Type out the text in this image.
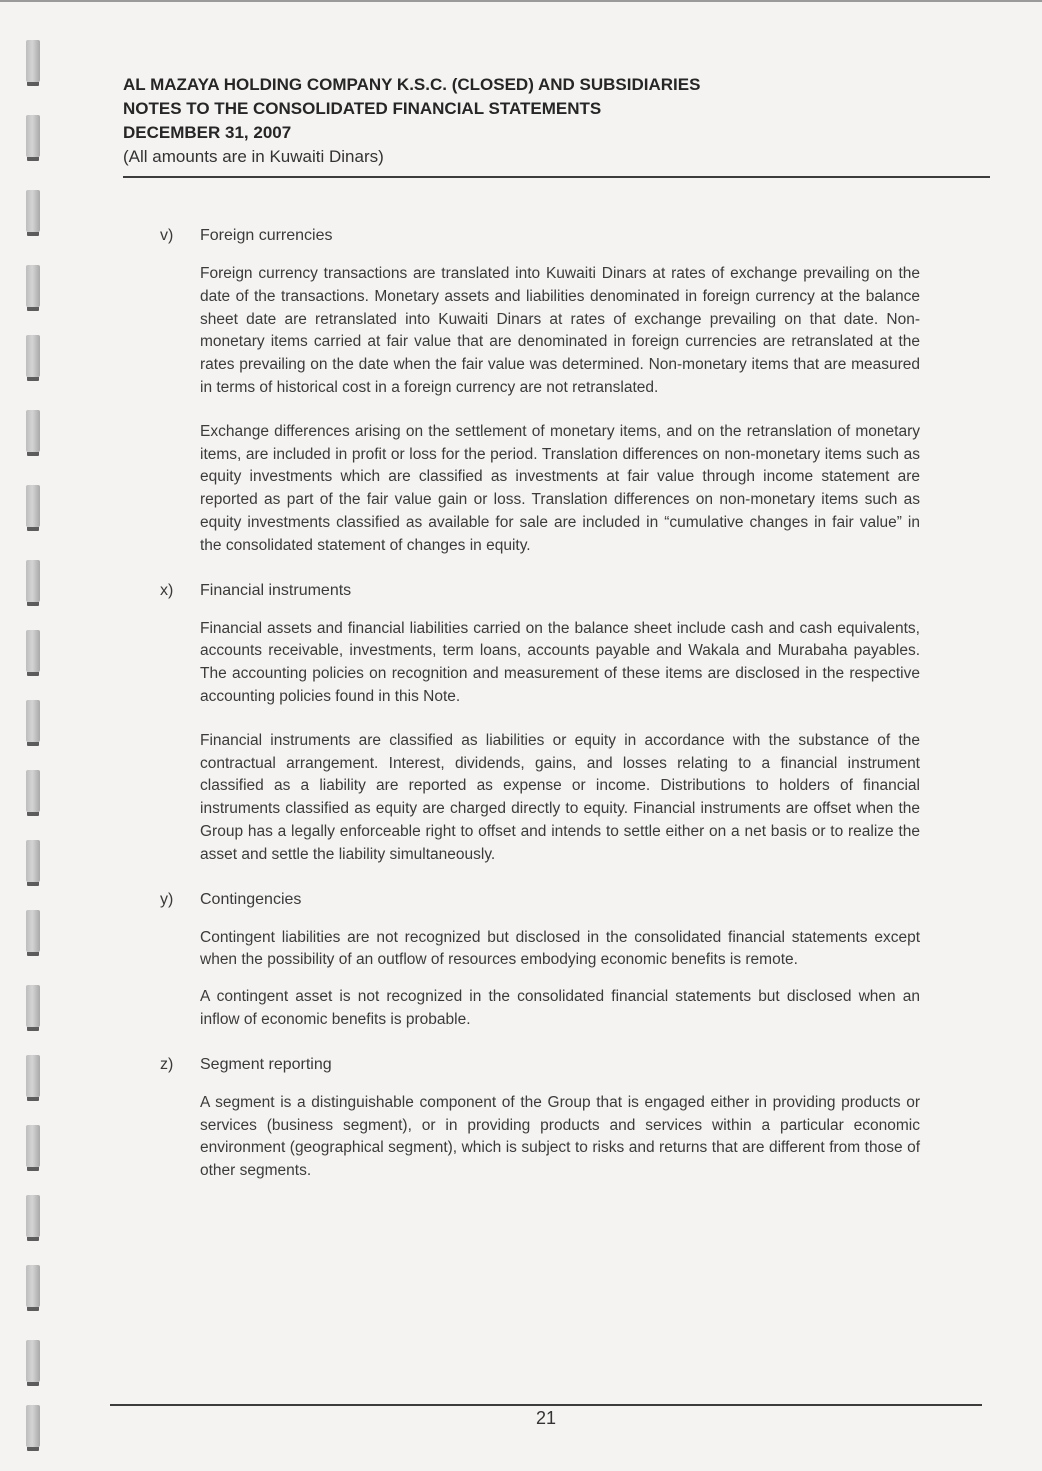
AL MAZAYA HOLDING COMPANY K.S.C. (CLOSED) AND SUBSIDIARIES
NOTES TO THE CONSOLIDATED FINANCIAL STATEMENTS
DECEMBER 31, 2007
(All amounts are in Kuwaiti Dinars)
v)	Foreign currencies
Foreign currency transactions are translated into Kuwaiti Dinars at rates of exchange prevailing on the date of the transactions. Monetary assets and liabilities denominated in foreign currency at the balance sheet date are retranslated into Kuwaiti Dinars at rates of exchange prevailing on that date. Non-monetary items carried at fair value that are denominated in foreign currencies are retranslated at the rates prevailing on the date when the fair value was determined. Non-monetary items that are measured in terms of historical cost in a foreign currency are not retranslated.
Exchange differences arising on the settlement of monetary items, and on the retranslation of monetary items, are included in profit or loss for the period. Translation differences on non-monetary items such as equity investments which are classified as investments at fair value through income statement are reported as part of the fair value gain or loss. Translation differences on non-monetary items such as equity investments classified as available for sale are included in “cumulative changes in fair value” in the consolidated statement of changes in equity.
x)	Financial instruments
Financial assets and financial liabilities carried on the balance sheet include cash and cash equivalents, accounts receivable, investments, term loans, accounts payable and Wakala and Murabaha payables. The accounting policies on recognition and measurement of these items are disclosed in the respective accounting policies found in this Note.
Financial instruments are classified as liabilities or equity in accordance with the substance of the contractual arrangement. Interest, dividends, gains, and losses relating to a financial instrument classified as a liability are reported as expense or income. Distributions to holders of financial instruments classified as equity are charged directly to equity. Financial instruments are offset when the Group has a legally enforceable right to offset and intends to settle either on a net basis or to realize the asset and settle the liability simultaneously.
y)	Contingencies
Contingent liabilities are not recognized but disclosed in the consolidated financial statements except when the possibility of an outflow of resources embodying economic benefits is remote.
A contingent asset is not recognized in the consolidated financial statements but disclosed when an inflow of economic benefits is probable.
z)	Segment reporting
A segment is a distinguishable component of the Group that is engaged either in providing products or services (business segment), or in providing products and services within a particular economic environment (geographical segment), which is subject to risks and returns that are different from those of other segments.
21
